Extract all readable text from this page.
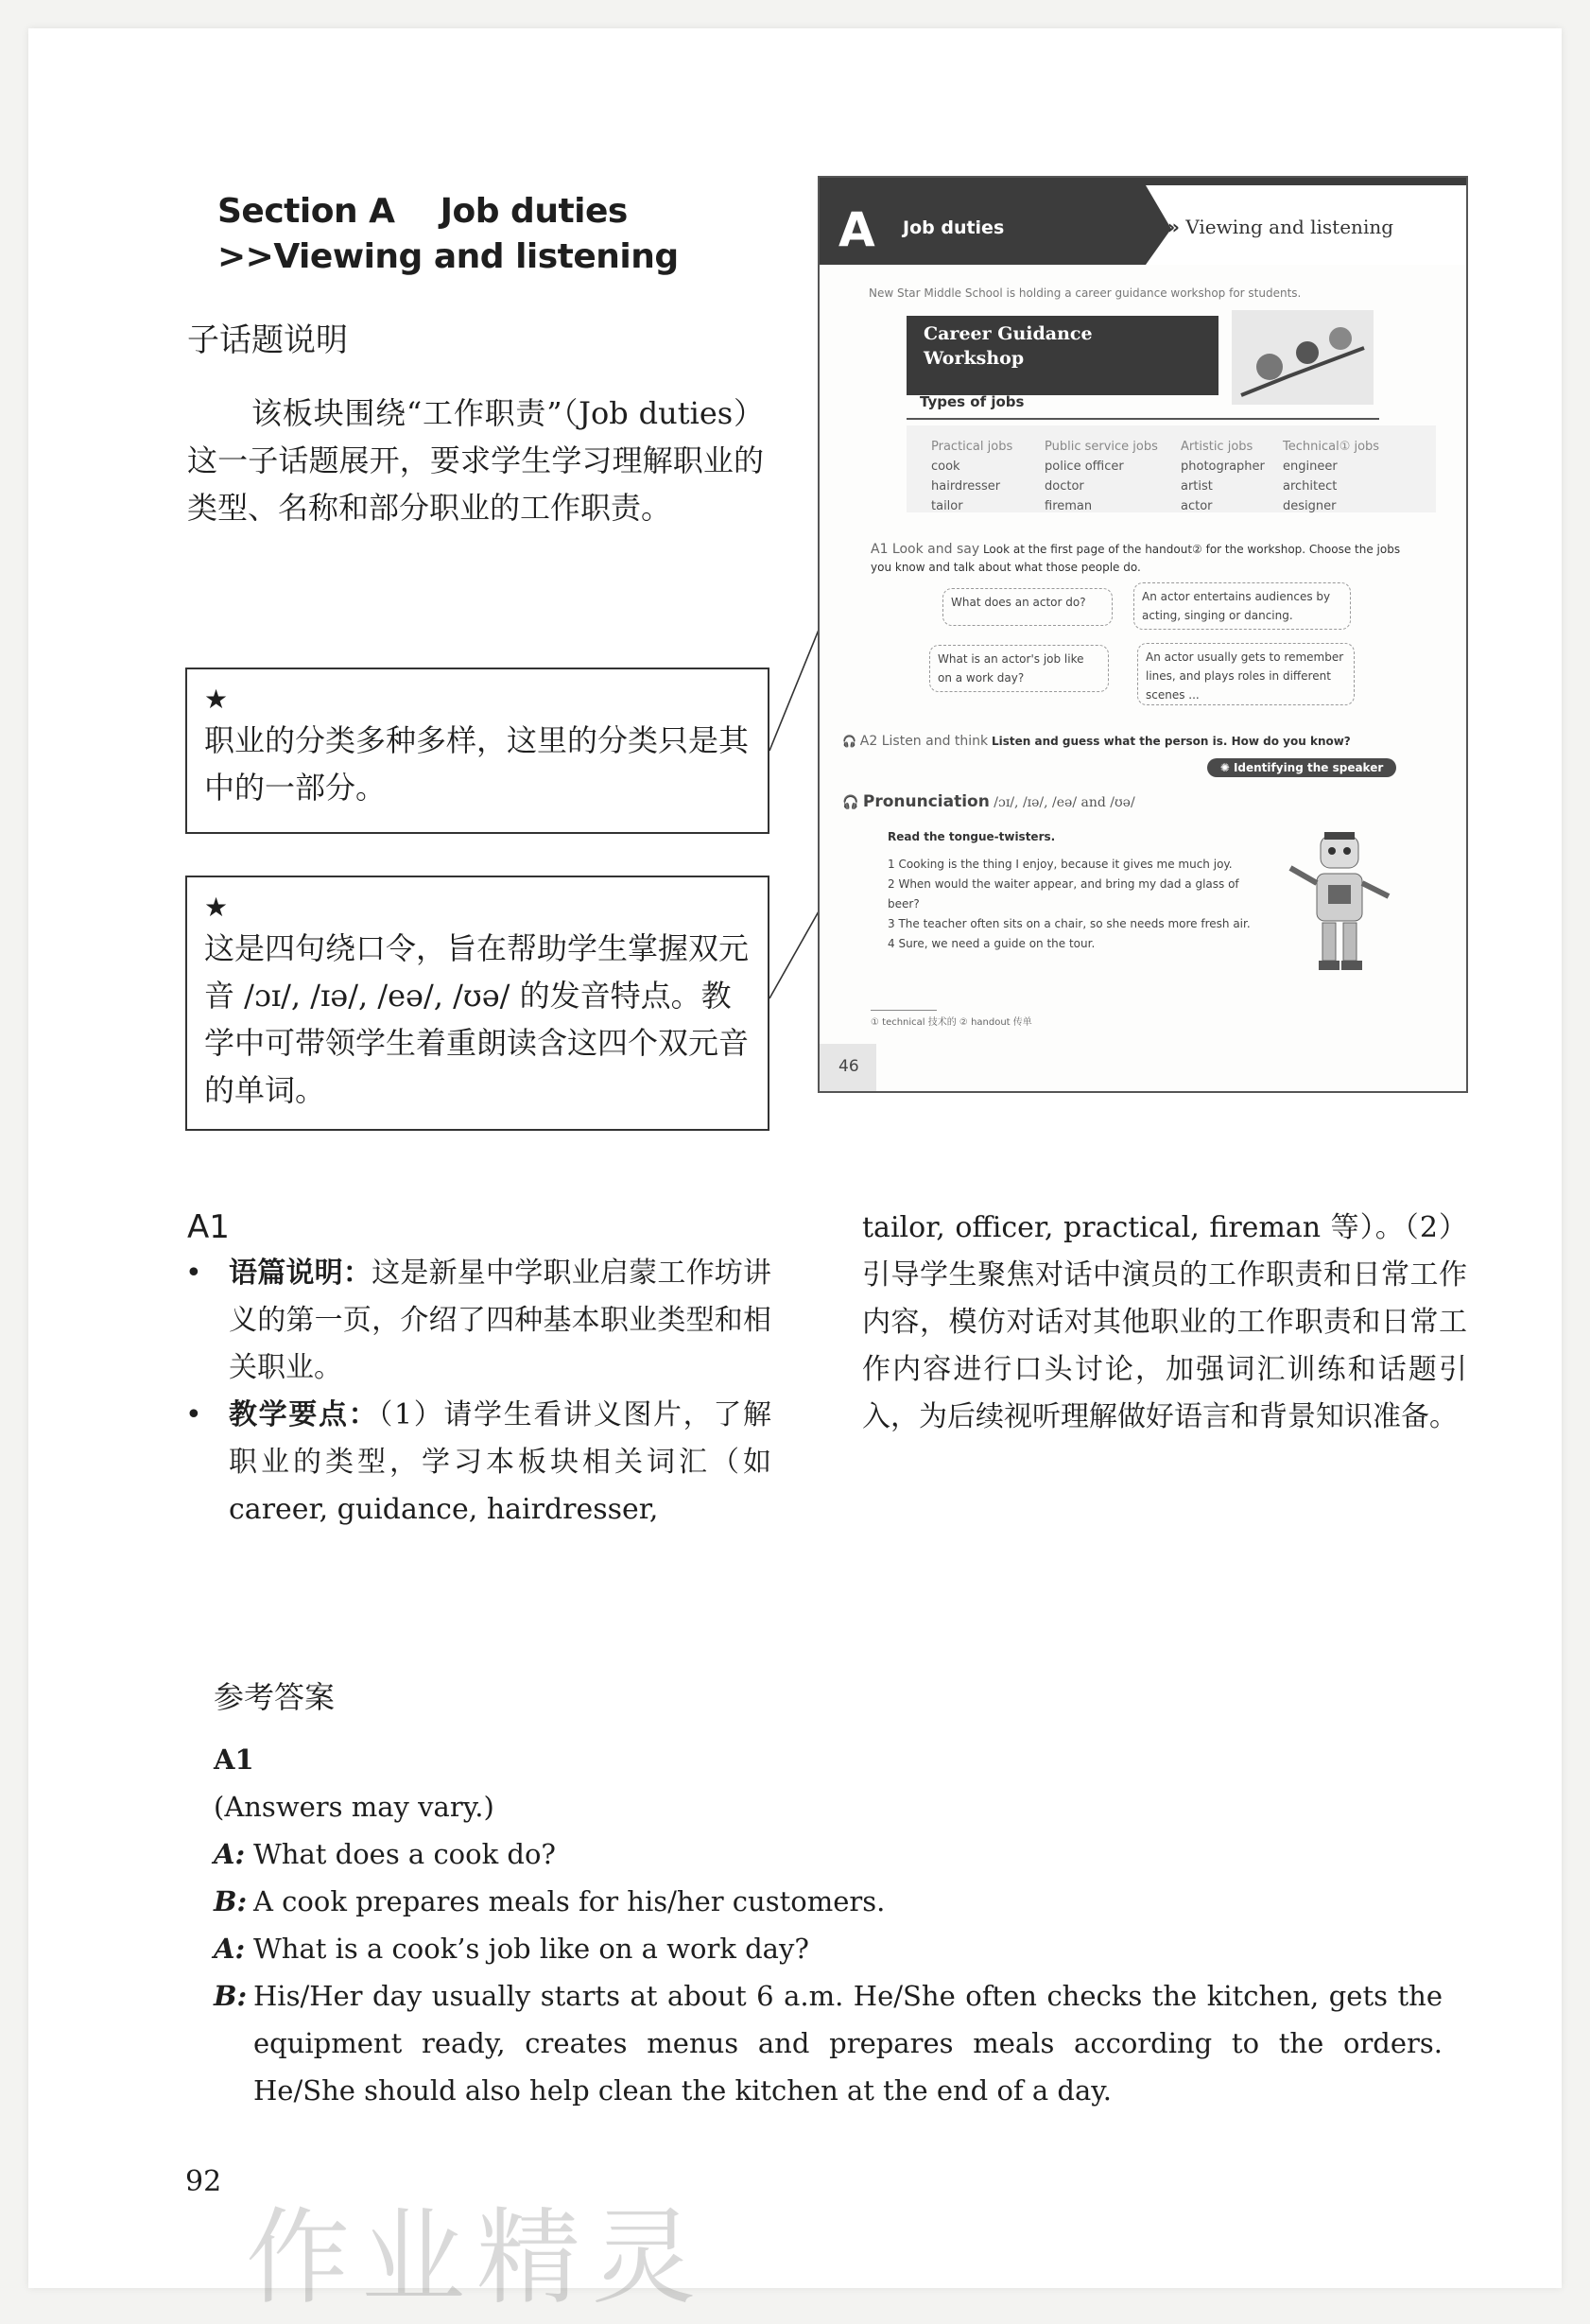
Section A    Job duties
>>Viewing and listening
子话题说明
该板块围绕“工作职责”（Job duties）这一子话题展开，要求学生学习理解职业的类型、名称和部分职业的工作职责。
★
职业的分类多种多样，这里的分类只是其中的一部分。
★
这是四句绕口令，旨在帮助学生掌握双元音 /ɔɪ/, /ɪə/, /eə/, /ʊə/ 的发音特点。教学中可带领学生着重朗读含这四个双元音的单词。
A Job duties	» Viewing and listening
New Star Middle School is holding a career guidance workshop for students.
Career Guidance Workshop
Types of jobs
Practical jobs
cook
hairdresser
tailor
Public service jobs
police officer
doctor
fireman
Artistic jobs
photographer
artist
actor
Technical① jobs
engineer
architect
designer
A1 Look and say Look at the first page of the handout② for the workshop. Choose the jobs you know and talk about what those people do.
What does an actor do?	An actor entertains audiences by acting, singing or dancing.
What is an actor's job like on a work day?
An actor usually gets to remember lines, and plays roles in different scenes ...
🎧 A2 Listen and think Listen and guess what the person is. How do you know?
✺ Identifying the speaker
🎧 Pronunciation /ɔɪ/, /ɪə/, /eə/ and /ʊə/
Read the tongue-twisters.
1 Cooking is the thing I enjoy, because it gives me much joy.
2 When would the waiter appear, and bring my dad a glass of beer?
3 The teacher often sits on a chair, so she needs more fresh air.
4 Sure, we need a guide on the tour.
① technical 技术的 ② handout 传单
46
A1
• 语篇说明：这是新星中学职业启蒙工作坊讲义的第一页，介绍了四种基本职业类型和相关职业。
• 教学要点：（1）请学生看讲义图片，了解职业的类型，学习本板块相关词汇（如 career, guidance, hairdresser,
tailor, officer, practical, fireman 等）。（2）引导学生聚焦对话中演员的工作职责和日常工作内容，模仿对话对其他职业的工作职责和日常工作内容进行口头讨论，加强词汇训练和话题引入，为后续视听理解做好语言和背景知识准备。
参考答案
A1
(Answers may vary.)
A: What does a cook do?
B: A cook prepares meals for his/her customers.
A: What is a cook’s job like on a work day?
B: His/Her day usually starts at about 6 a.m. He/She often checks the kitchen, gets the equipment ready, creates menus and prepares meals according to the orders. He/She should also help clean the kitchen at the end of a day.
92
作业精灵
